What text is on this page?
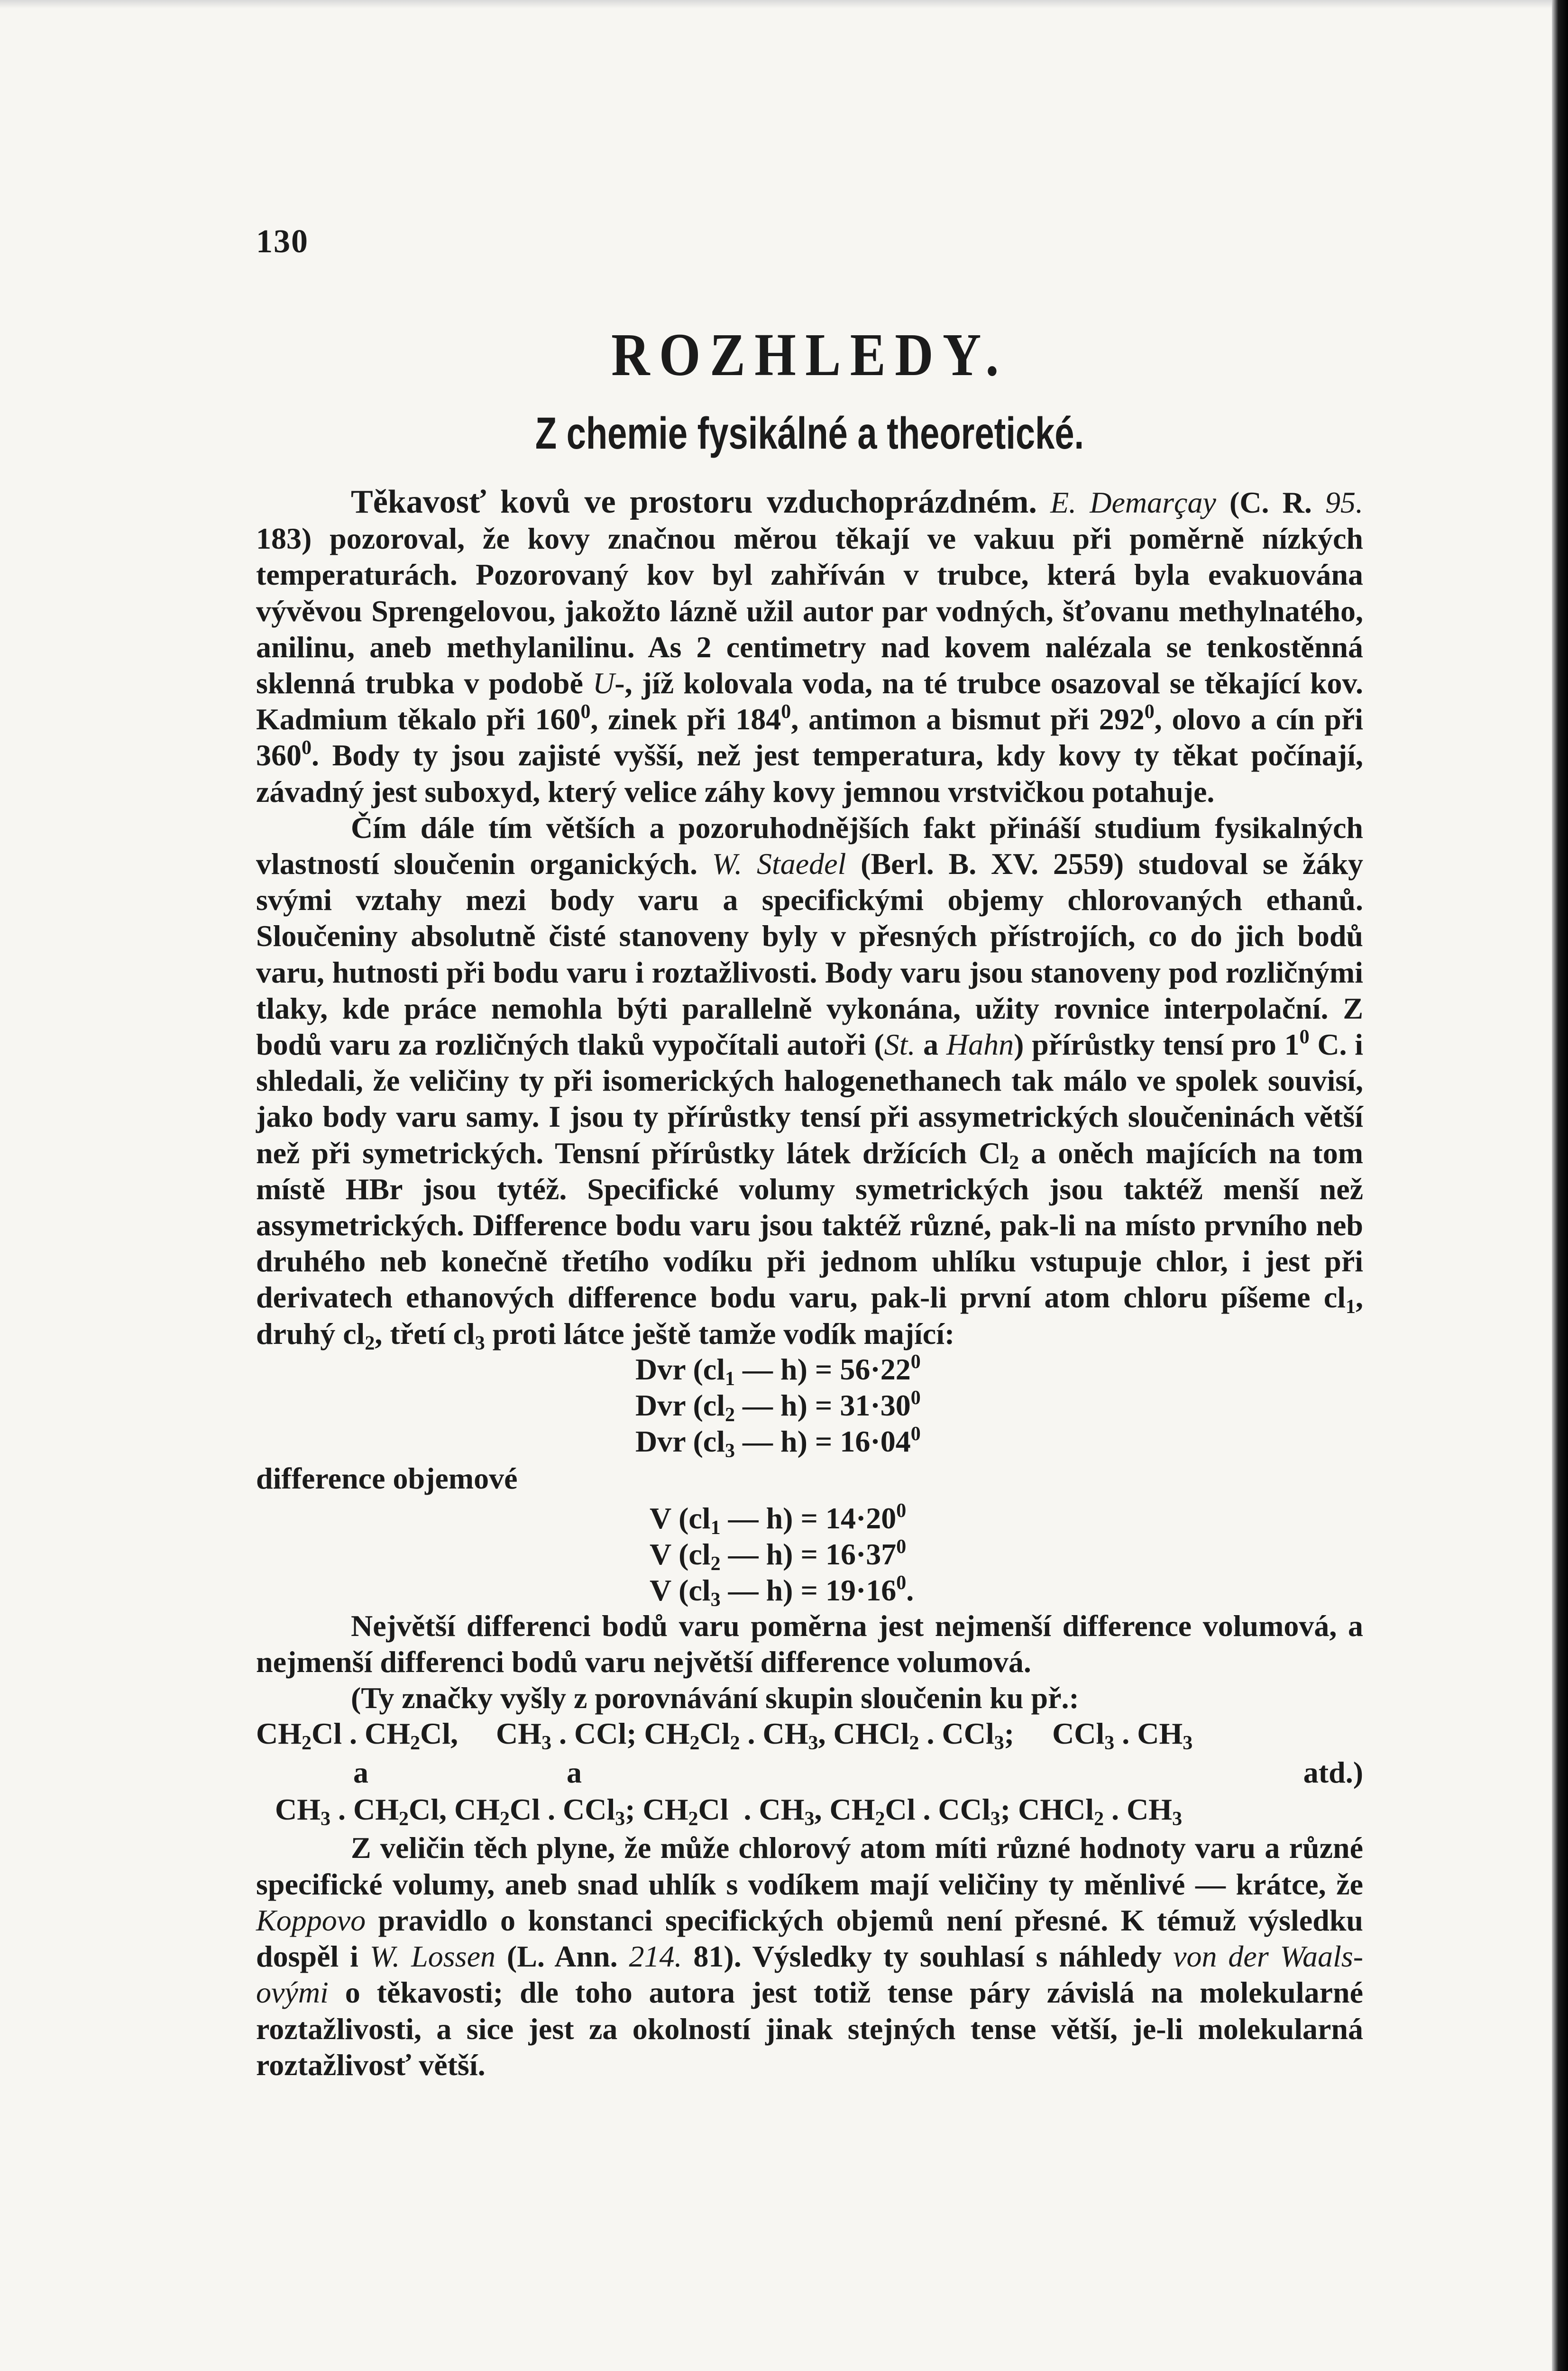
130
ROZHLEDY.
Z chemie fysikálné a theoretické.

Těkavosť kovů ve prostoru vzduchoprázdném. E. Demarçay (C. R. 95. 183) pozoroval, že kovy značnou měrou těkají ve vakuu při poměrně nízkých temperaturách. Pozorovaný kov byl zahříván v trubce, která byla evakuována vývěvou Sprengelovou, jakožto lázně užil autor par vodných, šťovanu methylnatého, anilinu, aneb methylanilinu. As 2 centimetry nad kovem nalézala se tenkostěnná sklenná trubka v podobě U-, jíž kolovala voda, na té trubce osazoval se těkající kov. Kadmium těkalo při $160^0$, zinek při $184^0$, antimon a bismut při $292^0$, olovo a cín při $360^0$. Body ty jsou zajisté vyšší, než jest temperatura, kdy kovy ty těkat počínají, závadný jest suboxyd, který velice záhy kovy jemnou vrstvičkou potahuje.

Čím dále tím větších a pozoruhodnějších fakt přináší studium fysikalných vlastností sloučenin organických. W. Staedel (Berl. B. XV. 2559) studoval se žáky svými vztahy mezi body varu a specifickými objemy chlorovaných ethanů. Sloučeniny absolutně čisté stanoveny byly v přesných přístrojích, co do jich bodů varu, hutnosti při bodu varu i roztažlivosti. Body varu jsou stanoveny pod rozličnými tlaky, kde práce nemohla býti parallelně vykonána, užity rovnice interpolační. Z bodů varu za rozličných tlaků vypočítali autoři (St. a Hahn) přírůstky tensí pro $1^0$ C. i shledali, že veličiny ty při isomerických halogenethanech tak málo ve spolek souvisí, jako body varu samy. I jsou ty přírůstky tensí při assymetrických sloučeninách větší než při symetrických. Tensní přírůstky látek držících $Cl_2$ a oněch majících na tom místě HBr jsou tytéž. Specifické volumy symetrických jsou taktéž menší než assymetrických. Difference bodu varu jsou taktéž různé, pak-li na místo prvního neb druhého neb konečně třetího vodíku při jednom uhlíku vstupuje chlor, i jest při derivatech ethanových difference bodu varu, pak-li první atom chloru píšeme $cl_1$, druhý $cl_2$, třetí $cl_3$ proti látce ještě tamže vodík mající:

Dvr ($cl_1$ — $h) = 56\cdot 22^0$
Dvr ($cl_2$ — $h) = 31\cdot 30^0$
Dvr ($cl_3$ — $h) = 16\cdot 04^0$
difference objemové
V ($cl_1$ — $h) = 14\cdot 20^0$
V ($cl_2$ — $h) = 16\cdot 37^0$
V ($cl_3$ — $h) = 19\cdot 16^0$.

Největší differenci bodů varu poměrna jest nejmenší difference volumová, a nejmenší differenci bodů varu největší difference volumová.

(Ty značky vyšly z porovnávání skupin sloučenin ku př.:

$CH_2Cl$ . $CH_2Cl$,     $CH_3$ . CCl; $CH_2Cl_2$ . $CH_3$, CHCl$_2$ . CCl$_3$;     CCl$_3$ . $CH_3$
a	a	atd.)
$CH_3$ . $CH_2Cl$, $CH_2Cl$ . CCl$_3$; $CH_2Cl$  . $CH_3$, $CH_2Cl$ . CCl$_3$; CHCl$_2$ . $CH_3$

Z veličin těch plyne, že může chlorový atom míti různé hodnoty varu a různé specifické volumy, aneb snad uhlík s vodíkem mají veličiny ty měnlivé — krátce, že Koppovo pravidlo o konstanci specifických objemů není přesné. K témuž výsledku dospěl i W. Lossen (L. Ann. 214. 81). Výsledky ty souhlasí s náhledy von der Waals-ovými o těkavosti; dle toho autora jest totiž tense páry závislá na molekularné roztažlivosti, a sice jest za okolností jinak stejných tense větší, je-li molekularná roztažlivosť větší.
